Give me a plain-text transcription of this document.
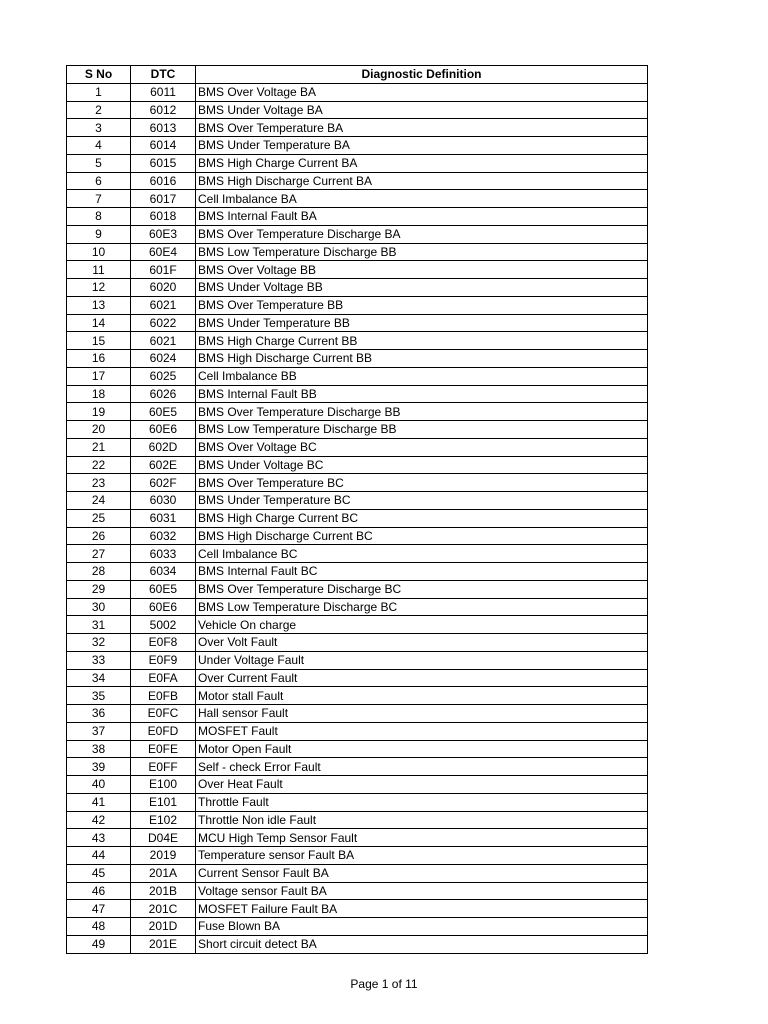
S No	DTC	Diagnostic Definition
1	6011	BMS Over Voltage BA
2	6012	BMS Under Voltage BA
3	6013	BMS Over Temperature BA
4	6014	BMS Under Temperature BA
5	6015	BMS High Charge Current BA
6	6016	BMS High Discharge Current BA
7	6017	Cell Imbalance BA
8	6018	BMS Internal Fault BA
9	60E3	BMS Over Temperature Discharge BA
10	60E4	BMS Low Temperature Discharge BB
11	601F	BMS Over Voltage BB
12	6020	BMS Under Voltage BB
13	6021	BMS Over Temperature BB
14	6022	BMS Under Temperature BB
15	6021	BMS High Charge Current BB
16	6024	BMS High Discharge Current BB
17	6025	Cell Imbalance BB
18	6026	BMS Internal Fault BB
19	60E5	BMS Over Temperature Discharge BB
20	60E6	BMS Low Temperature Discharge BB
21	602D	BMS Over Voltage BC
22	602E	BMS Under Voltage BC
23	602F	BMS Over Temperature BC
24	6030	BMS Under Temperature BC
25	6031	BMS High Charge Current BC
26	6032	BMS High Discharge Current BC
27	6033	Cell Imbalance BC
28	6034	BMS Internal Fault BC
29	60E5	BMS Over Temperature Discharge BC
30	60E6	BMS Low Temperature Discharge BC
31	5002	Vehicle On charge
32	E0F8	Over Volt Fault
33	E0F9	Under Voltage Fault
34	E0FA	Over Current Fault
35	E0FB	Motor stall Fault
36	E0FC	Hall sensor Fault
37	E0FD	MOSFET Fault
38	E0FE	Motor Open Fault
39	E0FF	Self - check Error Fault
40	E100	Over Heat Fault
41	E101	Throttle Fault
42	E102	Throttle Non idle Fault
43	D04E	MCU High Temp Sensor Fault
44	2019	Temperature sensor Fault BA
45	201A	Current Sensor Fault BA
46	201B	Voltage sensor Fault BA
47	201C	MOSFET Failure Fault BA
48	201D	Fuse Blown BA
49	201E	Short circuit detect BA
Page 1 of 11
